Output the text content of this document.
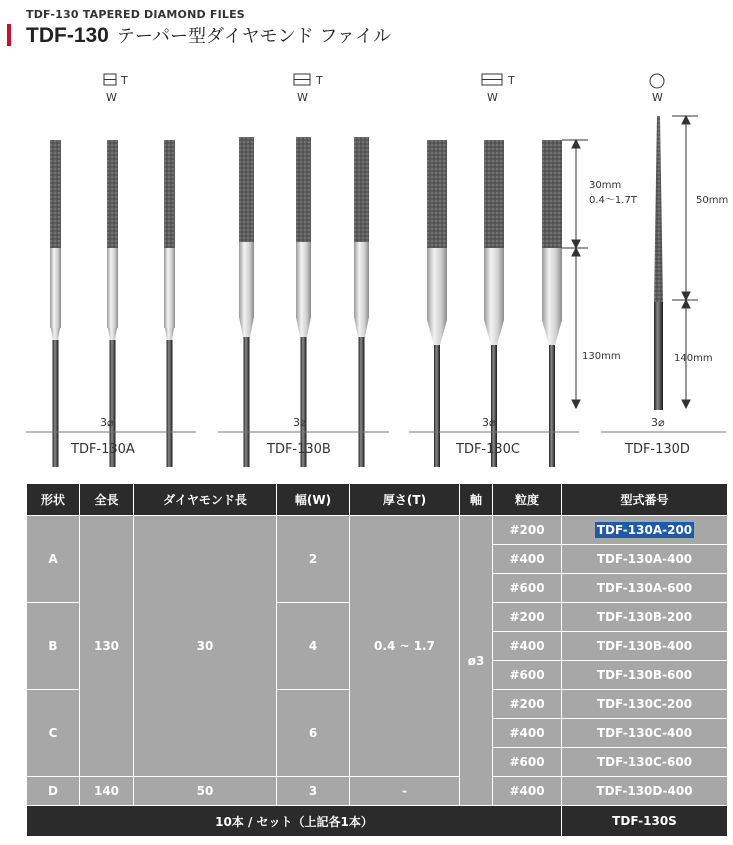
TDF-130 TAPERED DIAMOND FILES
TDF-130 テーパー型ダイヤモンド ファイル
T
W
T
W
T
W	W
30mm
0.4～1.7T
130mm
50mm
140mm
3⌀	3⌀	3⌀	3⌀
TDF-130A	TDF-130B	TDF-130C	TDF-130D
形状	全長	ダイヤモンド長	幅(W)	厚さ(T)	軸	粒度	型式番号
A	130	30	2	0.4 ~ 1.7	ø3	#200	TDF-130A-200
						#400	TDF-130A-400
						#600	TDF-130A-600
B			4			#200	TDF-130B-200
						#400	TDF-130B-400
						#600	TDF-130B-600
C			6			#200	TDF-130C-200
						#400	TDF-130C-400
						#600	TDF-130C-600
D	140	50	3	-		#400	TDF-130D-400
10本 / セット（上記各1本）							TDF-130S
